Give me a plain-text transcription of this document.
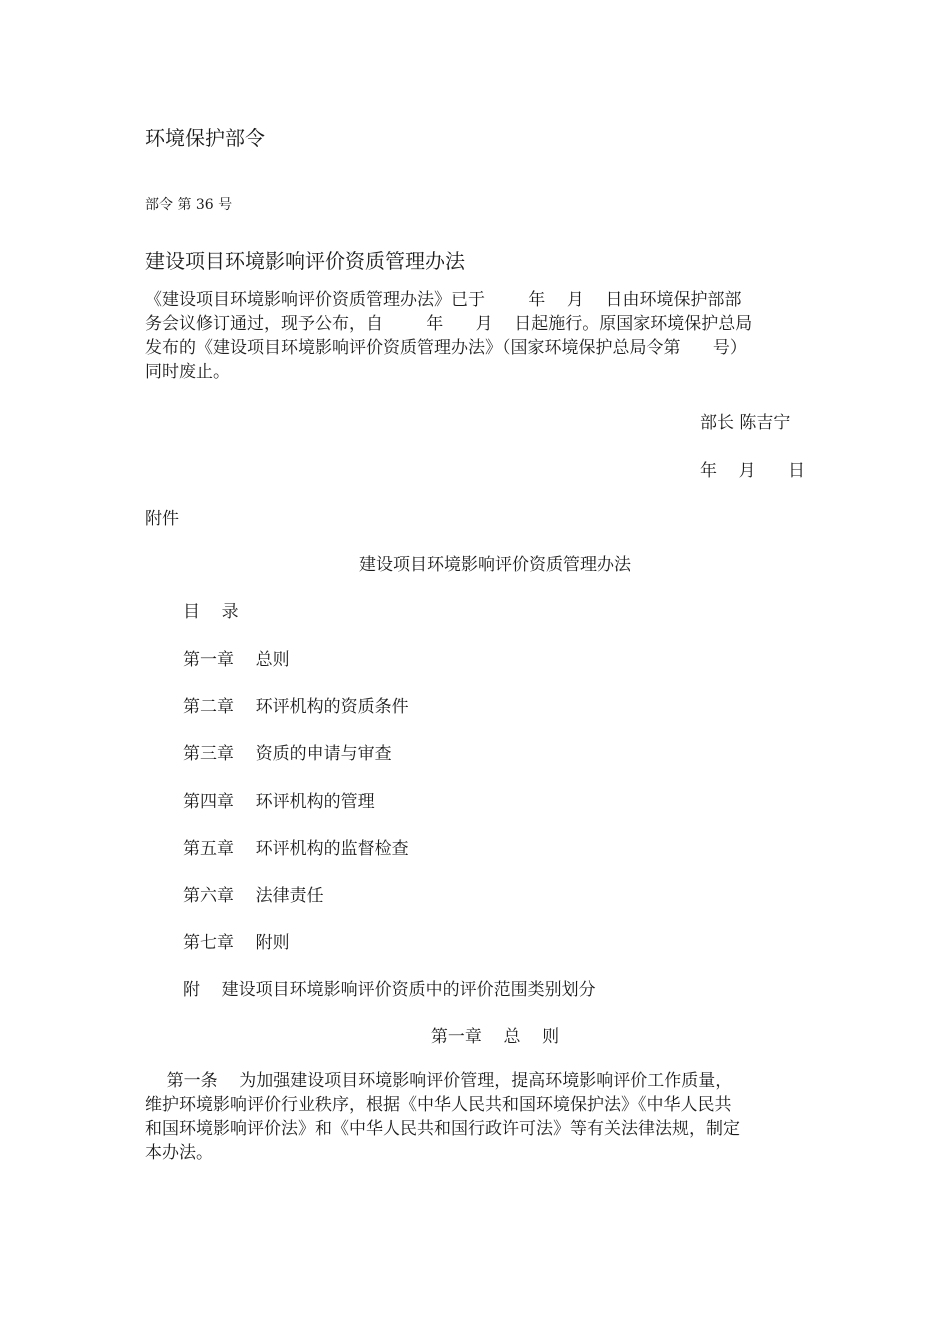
环境保护部令
部令 第 36 号
建设项目环境影响评价资质管理办法
《建设项目环境影响评价资质管理办法》已于        年    月    日由环境保护部部
务会议修订通过，现予公布，自        年      月    日起施行。原国家环境保护总局
发布的《建设项目环境影响评价资质管理办法》（国家环境保护总局令第      号）
同时废止。
部长 陈吉宁
年    月      日
附件
建设项目环境影响评价资质管理办法
目    录
第一章    总则
第二章    环评机构的资质条件
第三章    资质的申请与审查
第四章    环评机构的管理
第五章    环评机构的监督检查
第六章    法律责任
第七章    附则
附    建设项目环境影响评价资质中的评价范围类别划分
第一章    总    则
第一条    为加强建设项目环境影响评价管理，提高环境影响评价工作质量，
维护环境影响评价行业秩序，根据《中华人民共和国环境保护法》《中华人民共
和国环境影响评价法》和《中华人民共和国行政许可法》等有关法律法规，制定
本办法。
